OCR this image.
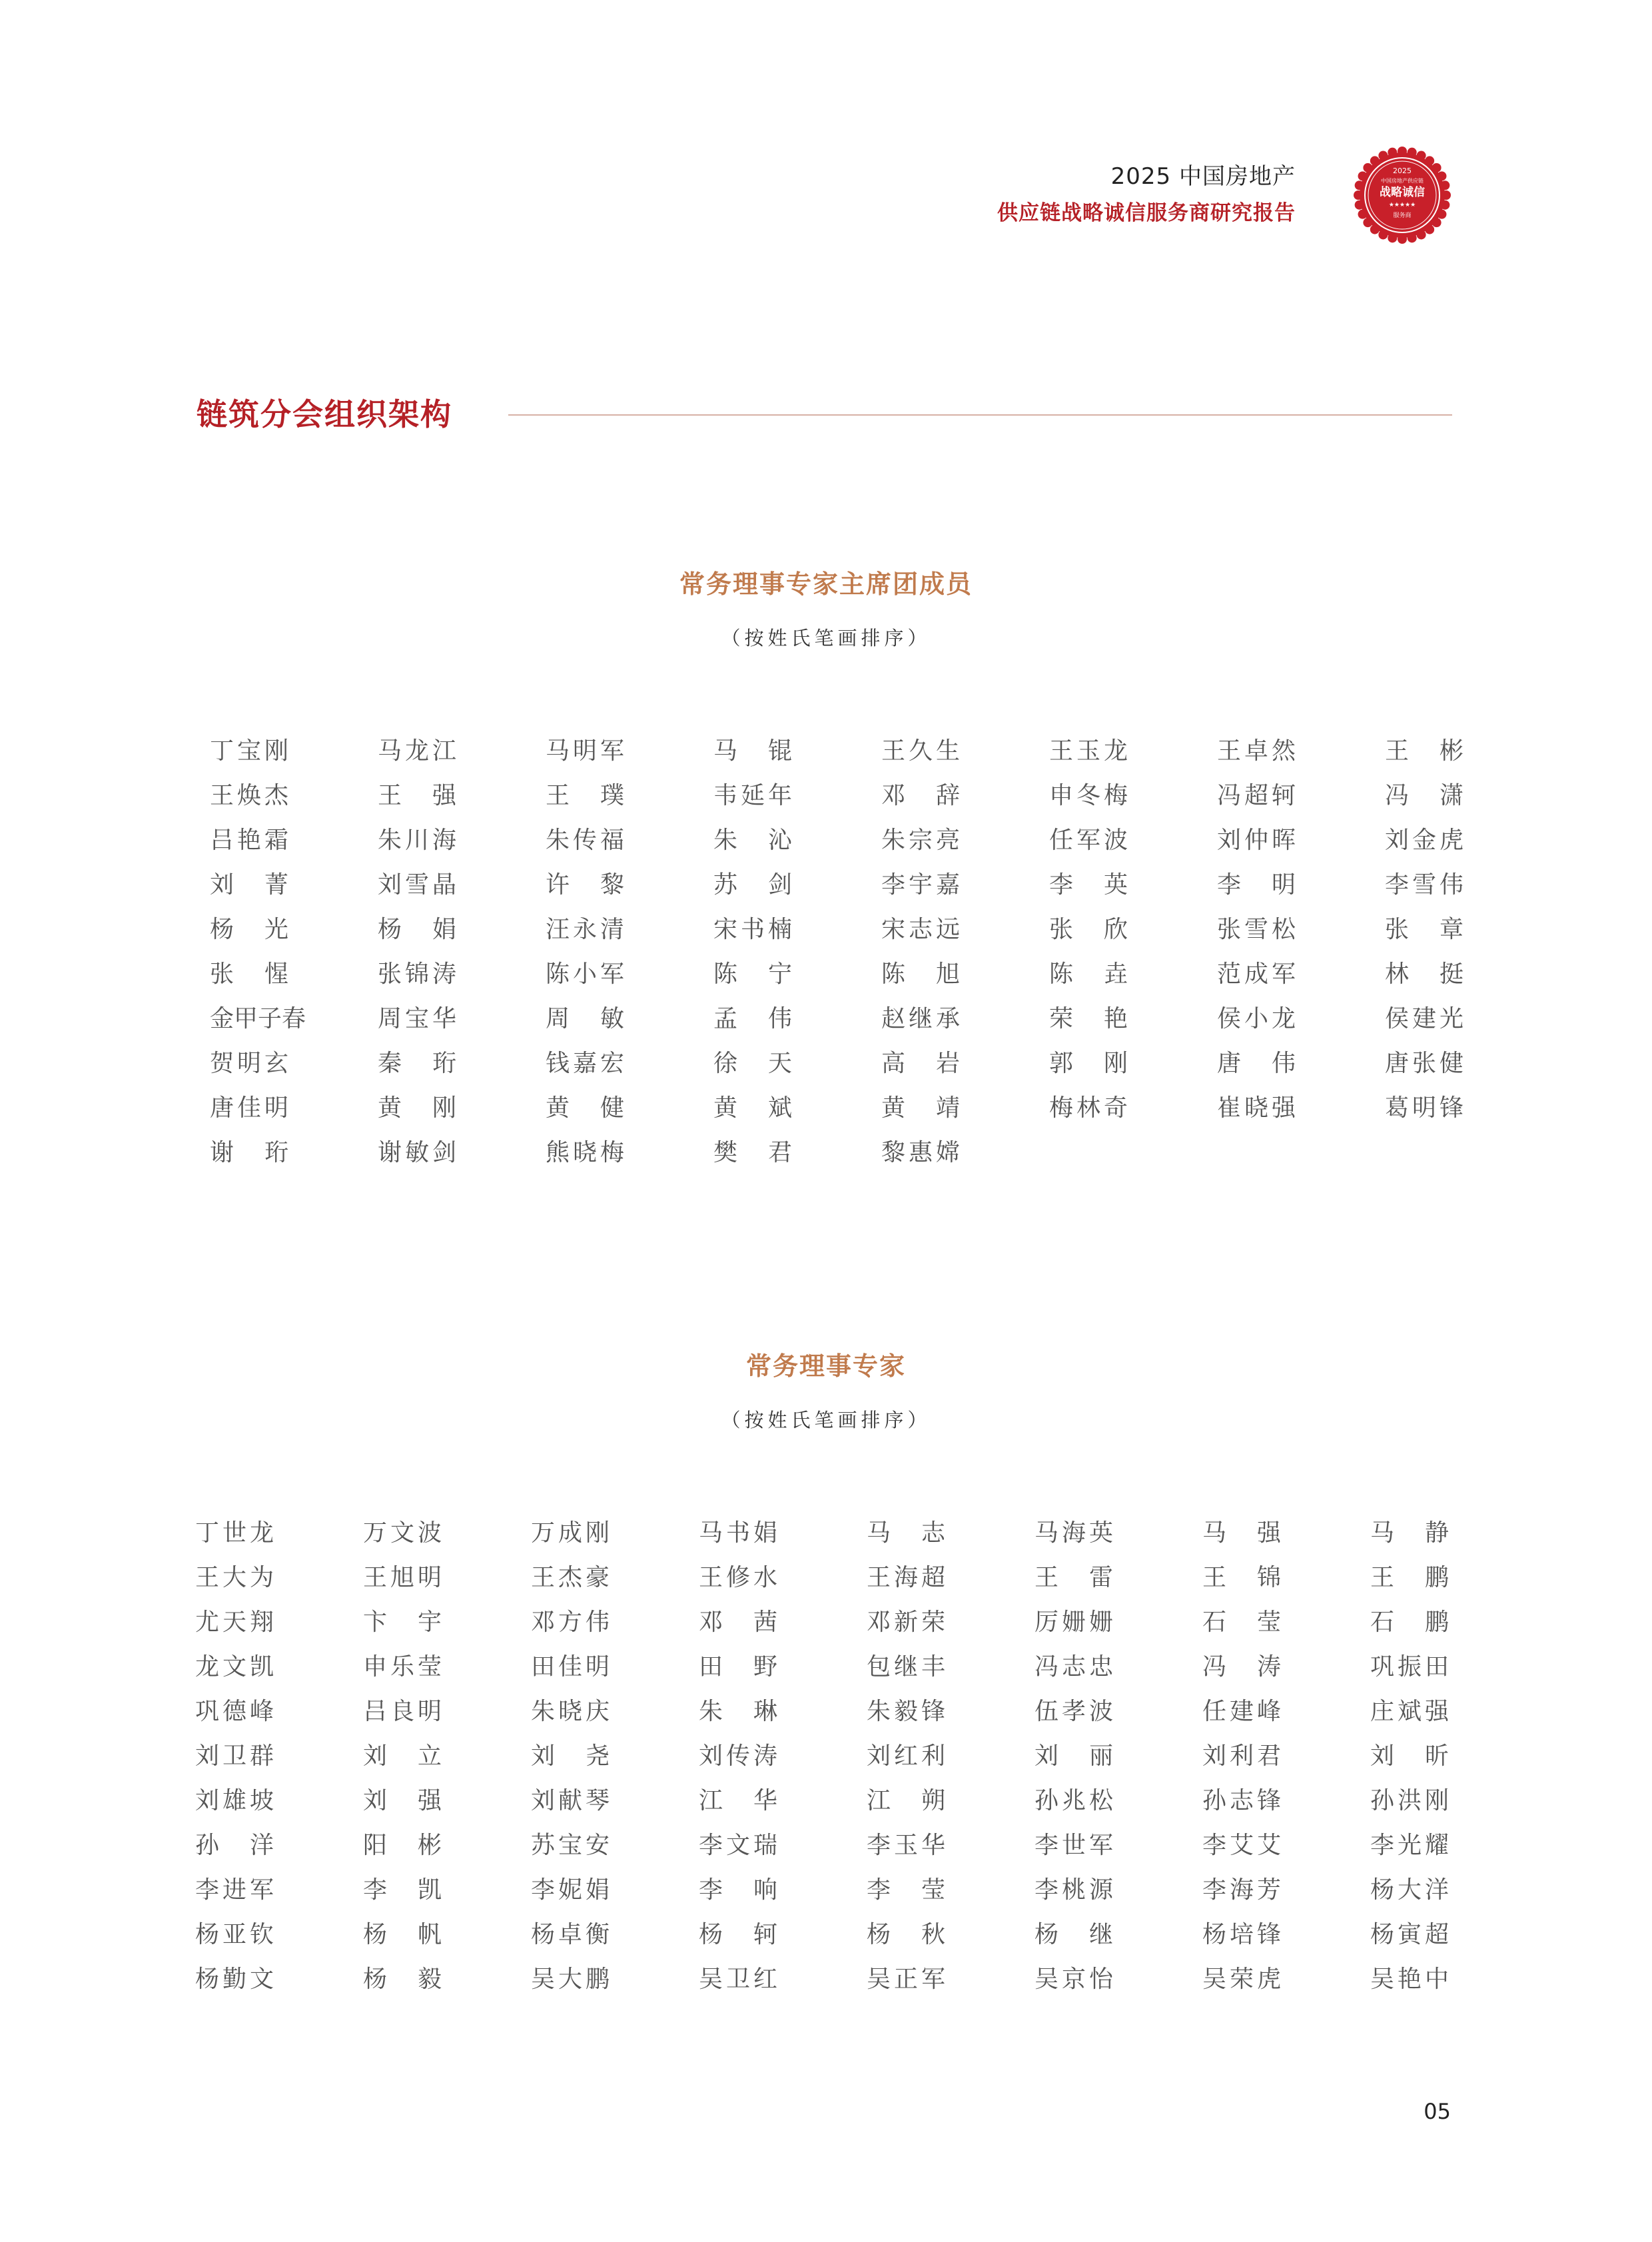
2025 中国房地产
供应链战略诚信服务商研究报告
2025
中国房地产供应链
战略诚信
★★★★★
服务商
链筑分会组织架构
常务理事专家主席团成员
（按姓氏笔画排序）
丁 宝 刚	马 龙 江	马 明 军	马 锟	王 久 生	王 玉 龙	王 卓 然	王 彬
王 焕 杰	王 强	王 璞	韦 延 年	邓 辞	申 冬 梅	冯 超 轲	冯 潇
吕 艳 霜	朱 川 海	朱 传 福	朱 沁	朱 宗 亮	任 军 波	刘 仲 晖	刘 金 虎
刘 菁	刘 雪 晶	许 黎	苏 剑	李 宇 嘉	李 英	李 明	李 雪 伟
杨 光	杨 娟	汪 永 清	宋 书 楠	宋 志 远	张 欣	张 雪 松	张 章
张 惺	张 锦 涛	陈 小 军	陈 宁	陈 旭	陈 垚	范 成 军	林 挺
金甲子春	周 宝 华	周 敏	孟 伟	赵 继 承	荣 艳	侯 小 龙	侯 建 光
贺 明 玄	秦 珩	钱 嘉 宏	徐 天	高 岩	郭 刚	唐 伟	唐 张 健
唐 佳 明	黄 刚	黄 健	黄 斌	黄 靖	梅 林 奇	崔 晓 强	葛 明 锋
谢 珩	谢 敏 剑	熊 晓 梅	樊 君	黎 惠 嫦
常务理事专家
（按姓氏笔画排序）
丁 世 龙	万 文 波	万 成 刚	马 书 娟	马 志	马 海 英	马 强	马 静
王 大 为	王 旭 明	王 杰 豪	王 修 水	王 海 超	王 雷	王 锦	王 鹏
尤 天 翔	卞 宇	邓 方 伟	邓 茜	邓 新 荣	厉 姗 姗	石 莹	石 鹏
龙 文 凯	申 乐 莹	田 佳 明	田 野	包 继 丰	冯 志 忠	冯 涛	巩 振 田
巩 德 峰	吕 良 明	朱 晓 庆	朱 琳	朱 毅 锋	伍 孝 波	任 建 峰	庄 斌 强
刘 卫 群	刘 立	刘 尧	刘 传 涛	刘 红 利	刘 丽	刘 利 君	刘 昕
刘 雄 坡	刘 强	刘 献 琴	江 华	江 朔	孙 兆 松	孙 志 锋	孙 洪 刚
孙 洋	阳 彬	苏 宝 安	李 文 瑞	李 玉 华	李 世 军	李 艾 艾	李 光 耀
李 进 军	李 凯	李 妮 娟	李 响	李 莹	李 桃 源	李 海 芳	杨 大 洋
杨 亚 钦	杨 帆	杨 卓 衡	杨 轲	杨 秋	杨 继	杨 培 锋	杨 寅 超
杨 勤 文	杨 毅	吴 大 鹏	吴 卫 红	吴 正 军	吴 京 怡	吴 荣 虎	吴 艳 中
05
